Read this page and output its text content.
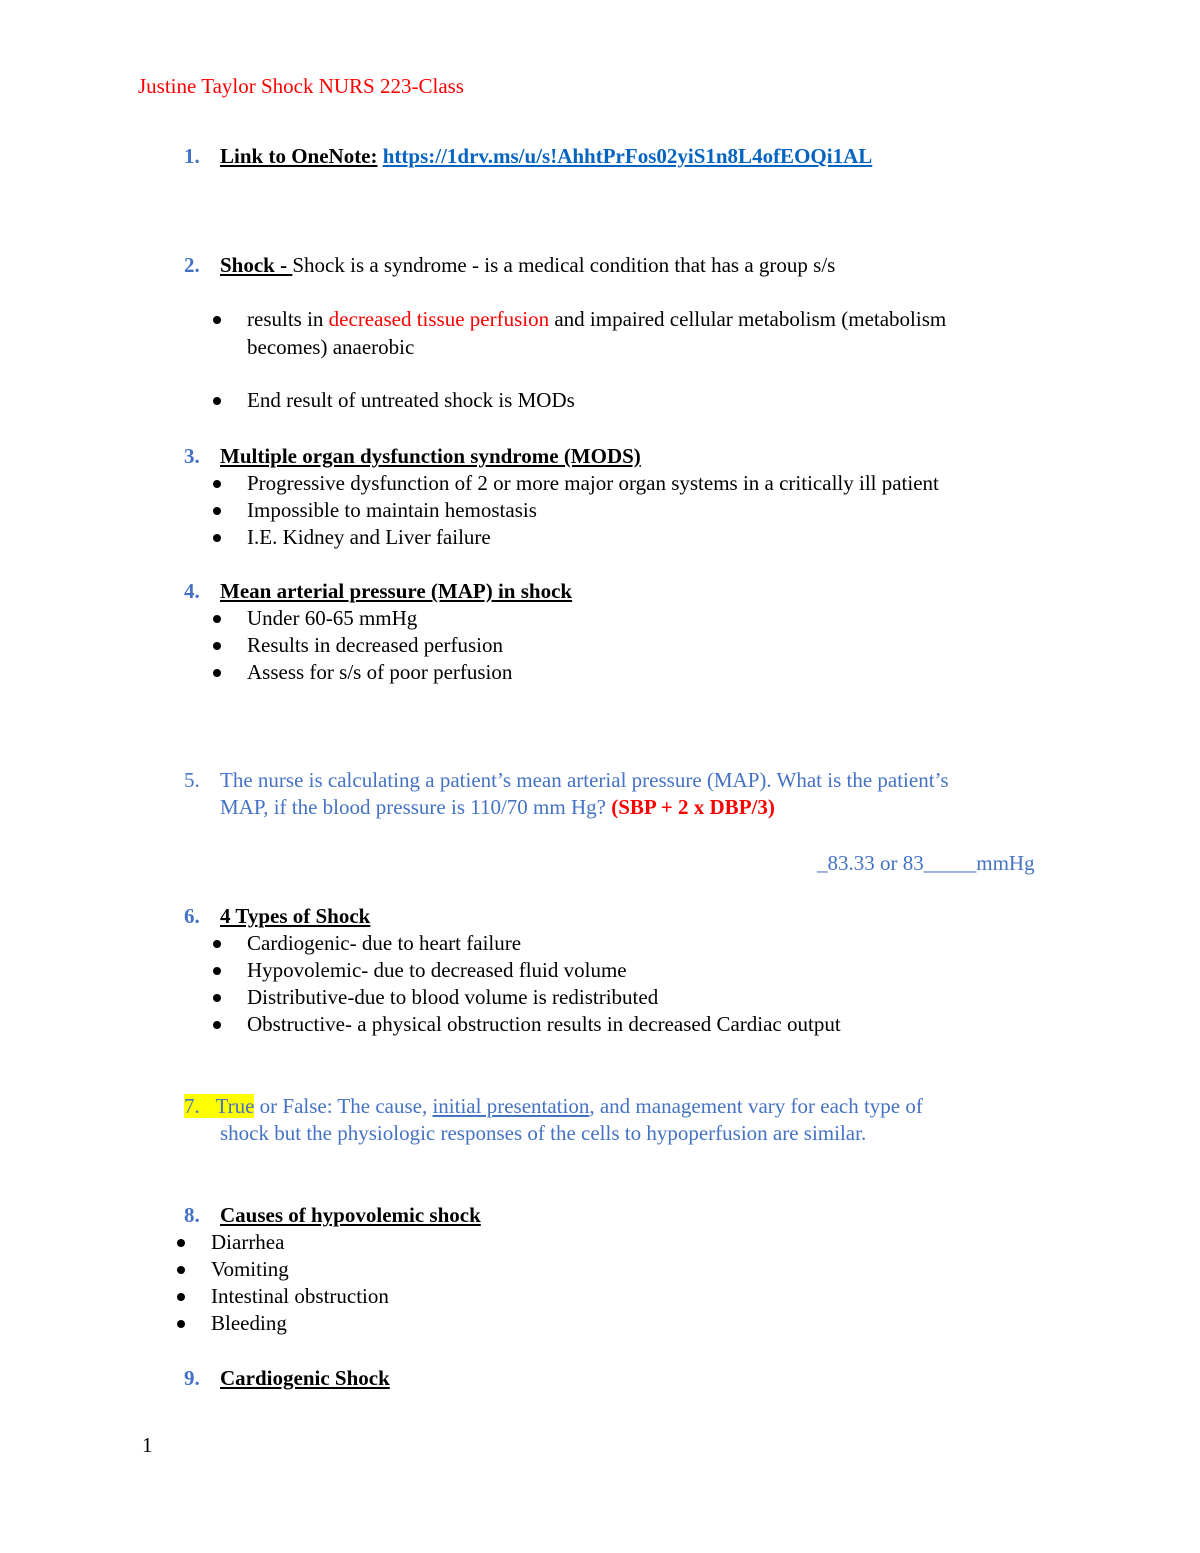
Justine Taylor Shock NURS 223-Class
1. Link to OneNote: https://1drv.ms/u/s!AhhtPrFos02yiS1n8L4ofEOQi1AL
2. Shock - Shock is a syndrome - is a medical condition that has a group s/s
results in decreased tissue perfusion and impaired cellular metabolism (metabolism
becomes) anaerobic
End result of untreated shock is MODs
3. Multiple organ dysfunction syndrome (MODS)
Progressive dysfunction of 2 or more major organ systems in a critically ill patient
Impossible to maintain hemostasis
I.E. Kidney and Liver failure
4. Mean arterial pressure (MAP) in shock
Under 60-65 mmHg
Results in decreased perfusion
Assess for s/s of poor perfusion
5. The nurse is calculating a patient’s mean arterial pressure (MAP). What is the patient’s
MAP, if the blood pressure is 110/70 mm Hg? (SBP + 2 x DBP/3)
_83.33 or 83_____mmHg
6. 4 Types of Shock
Cardiogenic- due to heart failure
Hypovolemic- due to decreased fluid volume
Distributive-due to blood volume is redistributed
Obstructive- a physical obstruction results in decreased Cardiac output
7. True or False: The cause, initial presentation, and management vary for each type of
shock but the physiologic responses of the cells to hypoperfusion are similar.
8. Causes of hypovolemic shock
Diarrhea
Vomiting
Intestinal obstruction
Bleeding
9. Cardiogenic Shock
1
